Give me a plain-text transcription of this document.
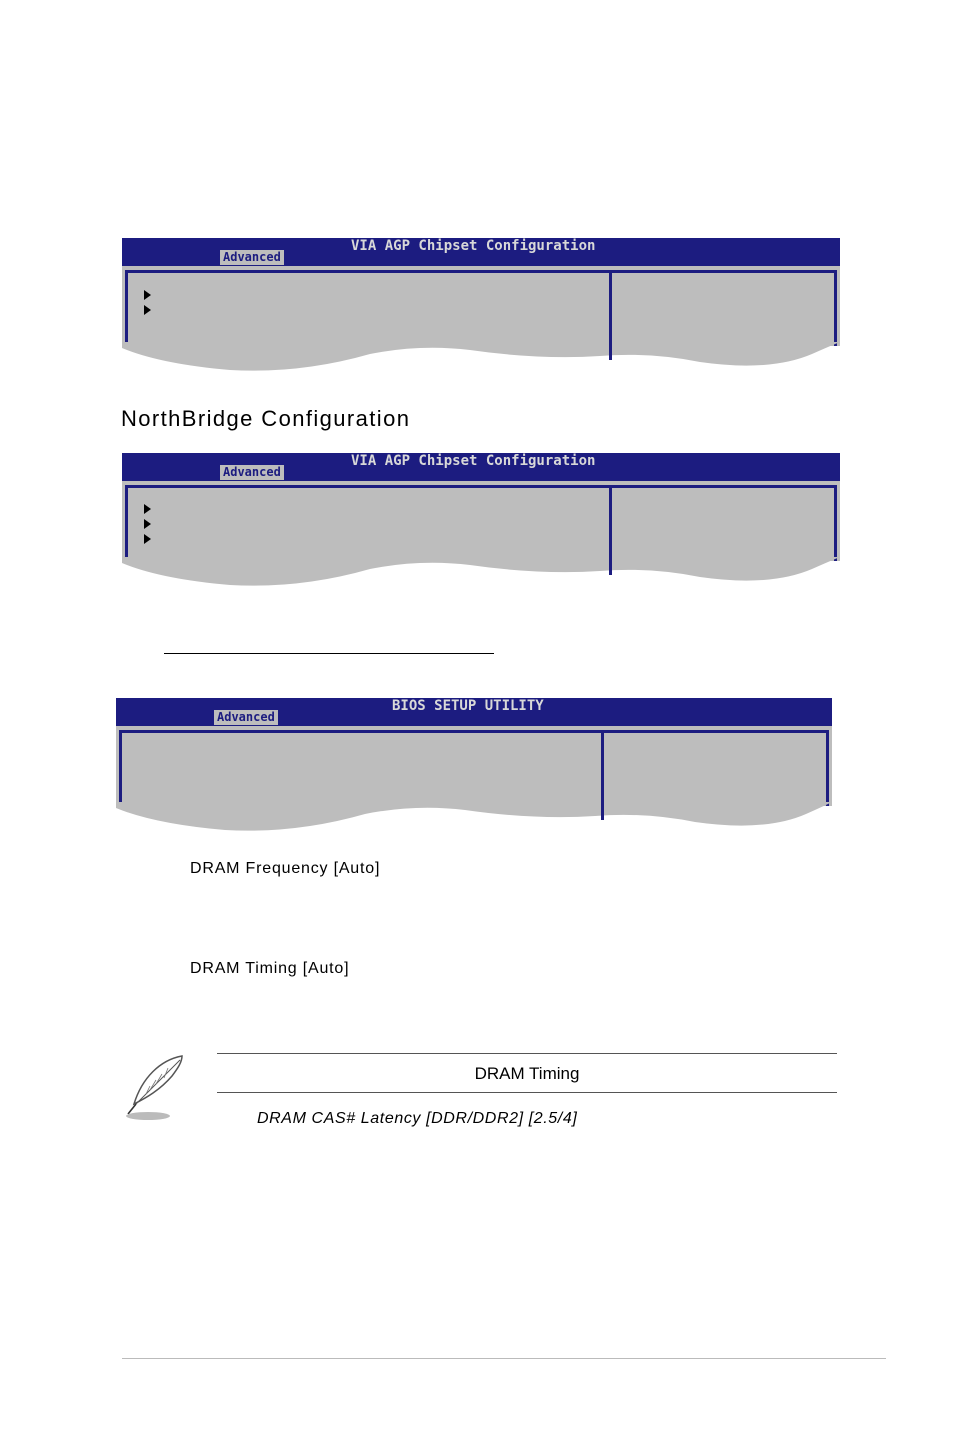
Advanced
VIA AGP Chipset Configuration
NorthBridge Configuration
Advanced
VIA AGP Chipset Configuration
Advanced
BIOS SETUP UTILITY
DRAM Frequency [Auto]
DRAM Timing [Auto]
DRAM Timing
DRAM CAS# Latency [DDR/DDR2] [2.5/4]
